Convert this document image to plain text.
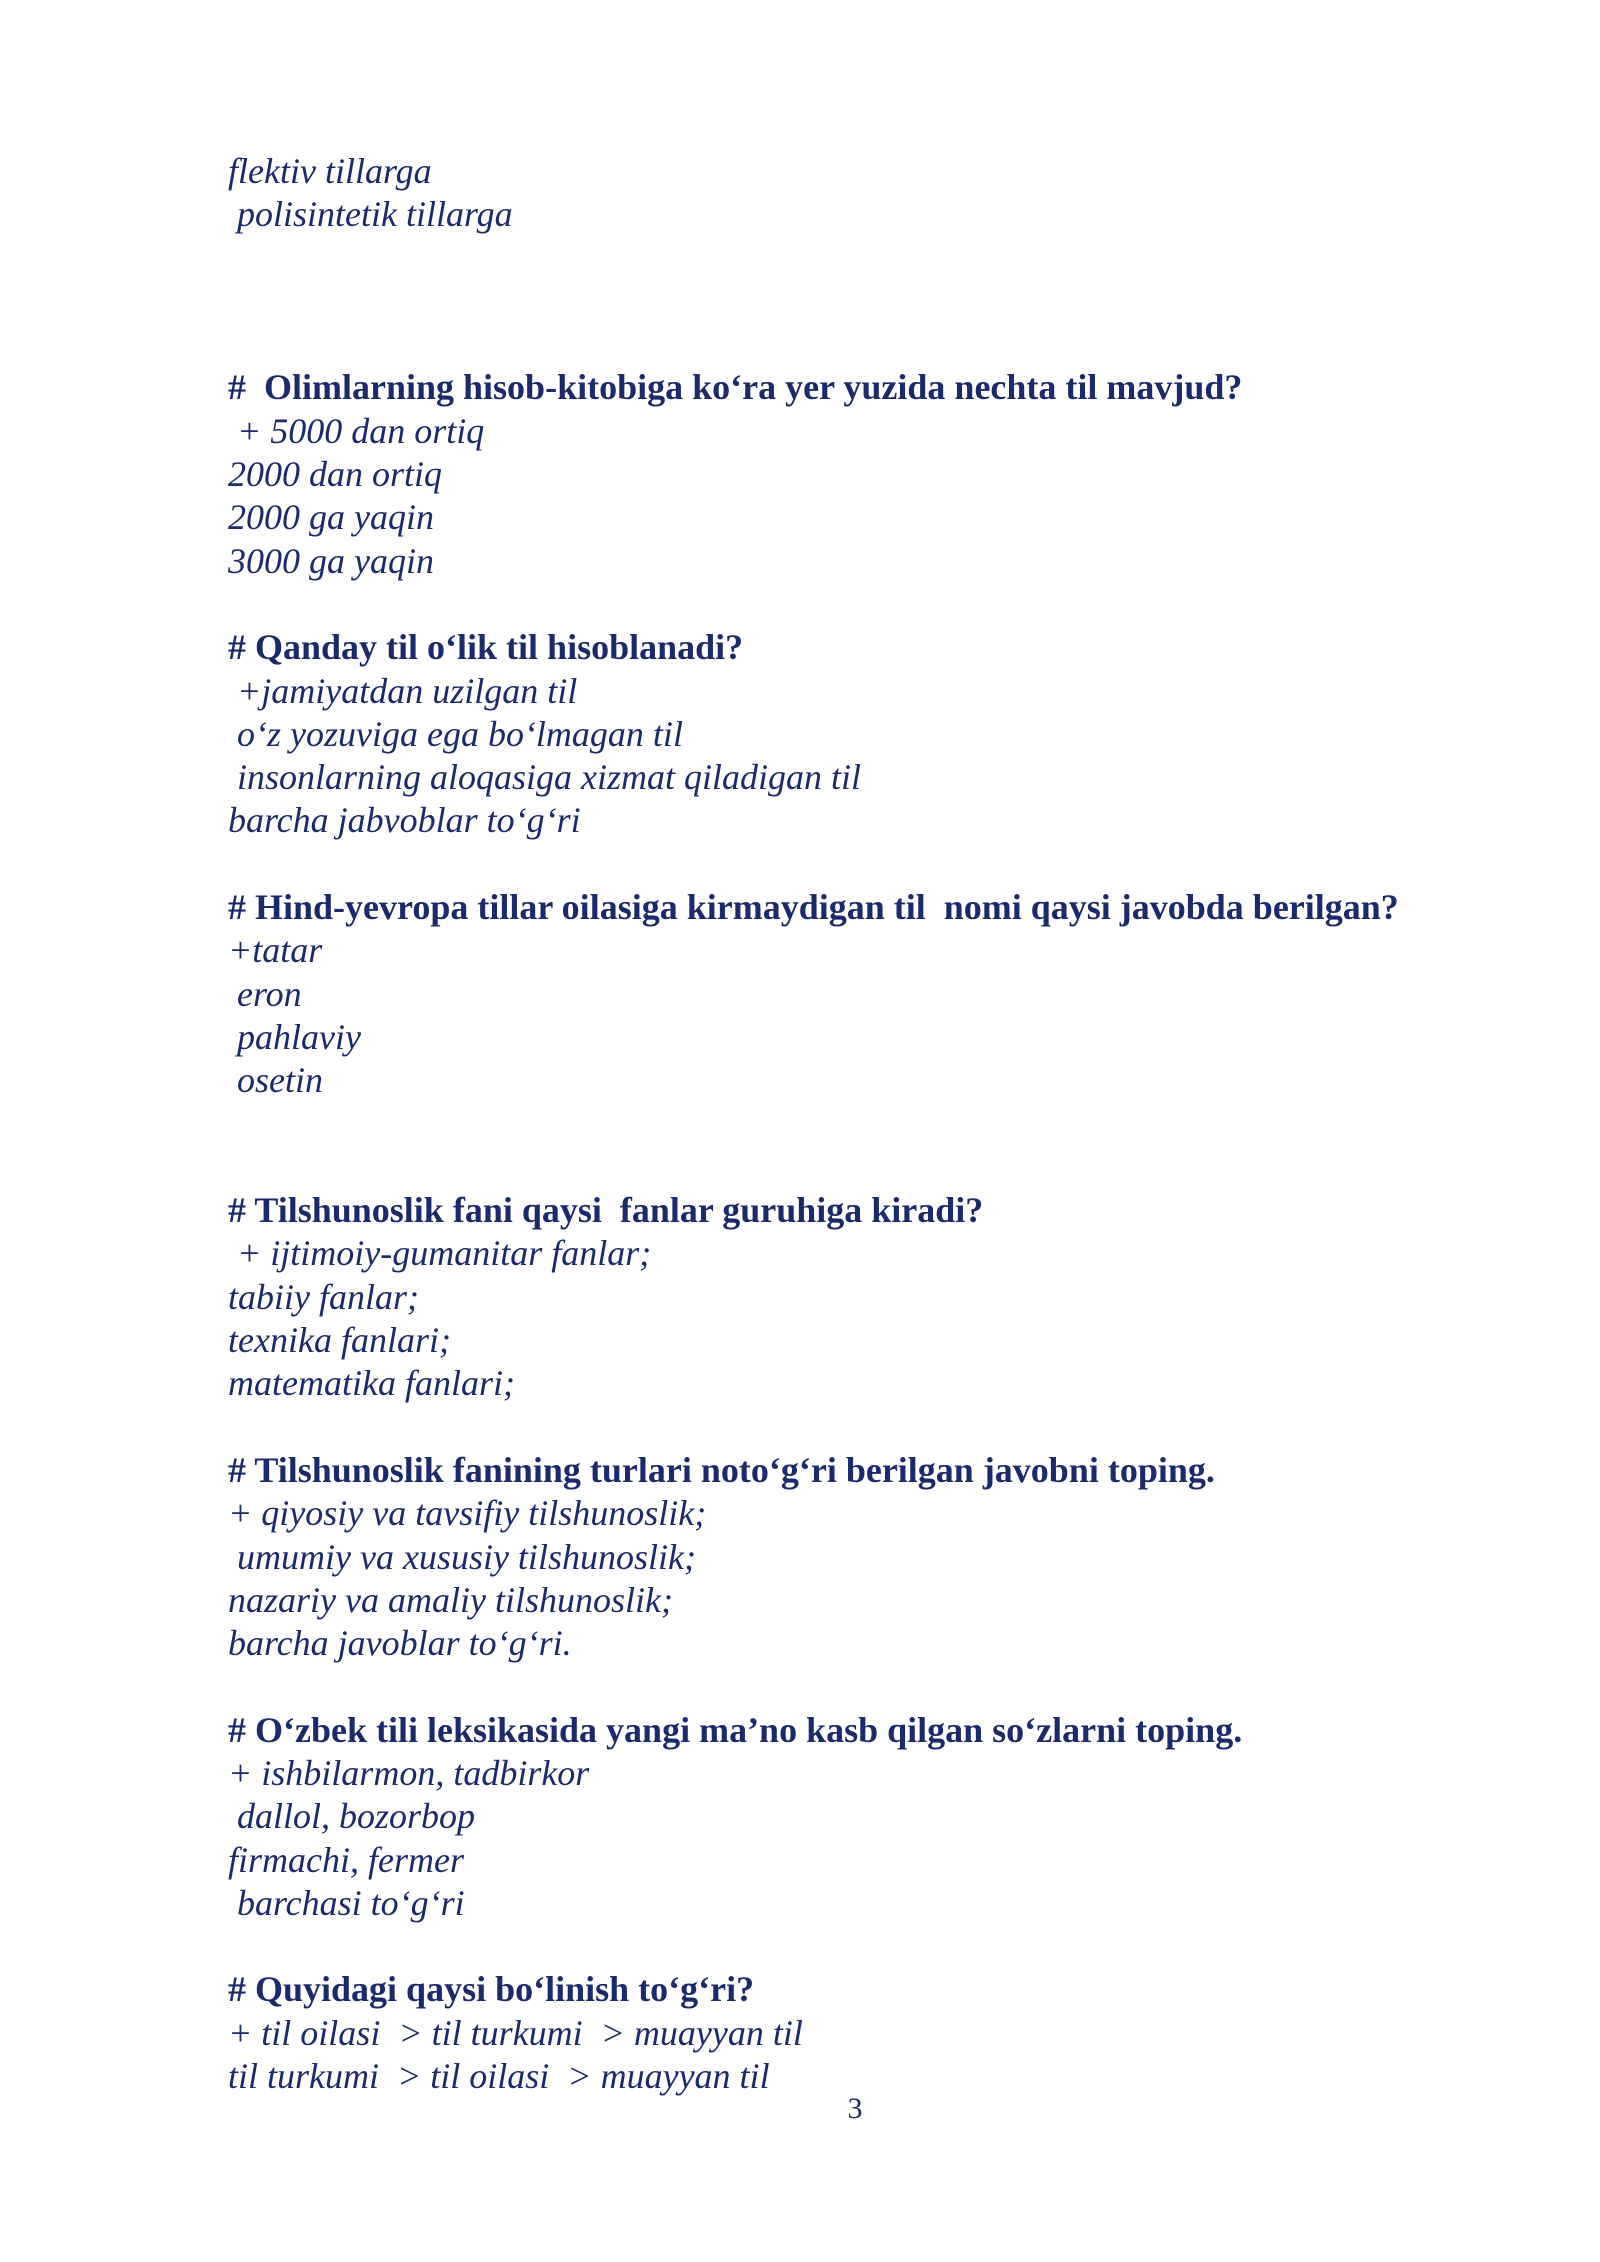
flektiv tillarga
polisintetik tillarga
#  Olimlarning hisob-kitobiga ko‘ra yer yuzida nechta til mavjud?
+ 5000 dan ortiq
2000 dan ortiq
2000 ga yaqin
3000 ga yaqin
# Qanday til o‘lik til hisoblanadi?
+jamiyatdan uzilgan til
o‘z yozuviga ega bo‘lmagan til
insonlarning aloqasiga xizmat qiladigan til
barcha jabvoblar to‘g‘ri
# Hind-yevropa tillar oilasiga kirmaydigan til  nomi qaysi javobda berilgan?
+tatar
eron
pahlaviy
osetin
# Tilshunoslik fani qaysi  fanlar guruhiga kiradi?
+ ijtimoiy-gumanitar fanlar;
tabiiy fanlar;
texnika fanlari;
matematika fanlari;
# Tilshunoslik fanining turlari noto‘g‘ri berilgan javobni toping.
+ qiyosiy va tavsifiy tilshunoslik;
umumiy va xususiy tilshunoslik;
nazariy va amaliy tilshunoslik;
barcha javoblar to‘g‘ri.
# O‘zbek tili leksikasida yangi ma’no kasb qilgan so‘zlarni toping.
+ ishbilarmon, tadbirkor
dallol, bozorbop
firmachi, fermer
barchasi to‘g‘ri
# Quyidagi qaysi bo‘linish to‘g‘ri?
+ til oilasi  > til turkumi  > muayyan til
til turkumi  > til oilasi  > muayyan til
3
